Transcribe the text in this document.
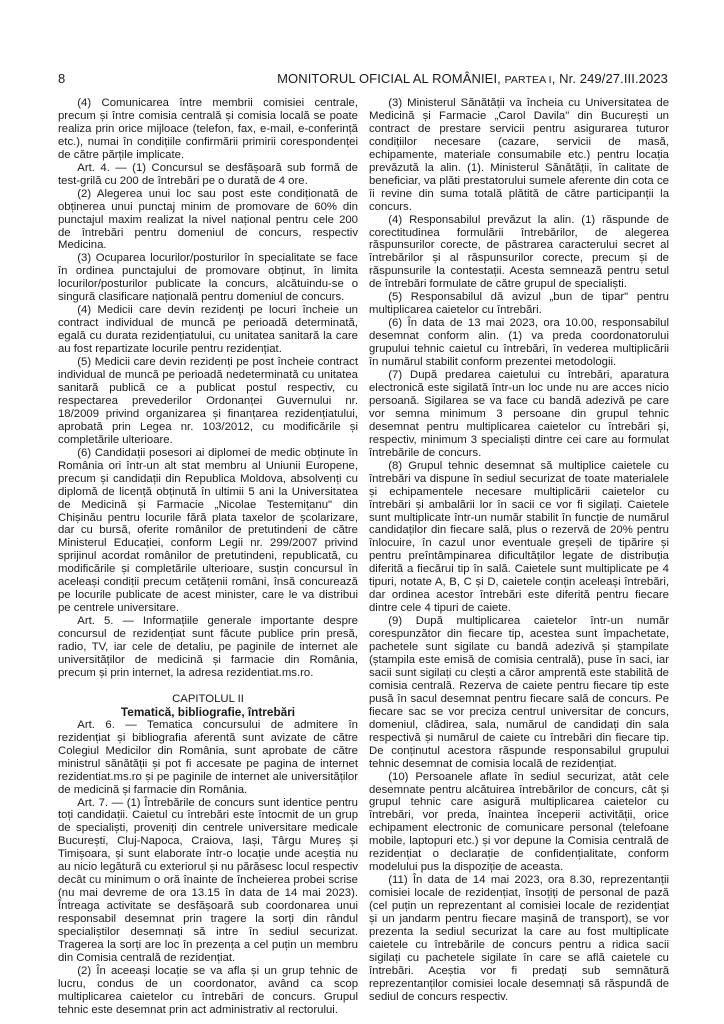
8	MONITORUL OFICIAL AL ROMÂNIEI, PARTEA I, Nr. 249/27.III.2023

(4) Comunicarea între membrii comisiei centrale, precum și între comisia centrală și comisia locală se poate realiza prin orice mijloace (telefon, fax, e-mail, e-conferință etc.), numai în condițiile confirmării primirii corespondenței de către părțile implicate.

Art. 4. — (1) Concursul se desfășoară sub formă de test-grilă cu 200 de întrebări pe o durată de 4 ore.

(2) Alegerea unui loc sau post este condiționată de obținerea unui punctaj minim de promovare de 60% din punctajul maxim realizat la nivel național pentru cele 200 de întrebări pentru domeniul de concurs, respectiv Medicina.

(3) Ocuparea locurilor/posturilor în specialitate se face în ordinea punctajului de promovare obținut, în limita locurilor/posturilor publicate la concurs, alcătuindu-se o singură clasificare națională pentru domeniul de concurs.

(4) Medicii care devin rezidenți pe locuri încheie un contract individual de muncă pe perioadă determinată, egală cu durata rezidențiatului, cu unitatea sanitară la care au fost repartizate locurile pentru rezidențiat.

(5) Medicii care devin rezidenți pe post încheie contract individual de muncă pe perioadă nedeterminată cu unitatea sanitară publică ce a publicat postul respectiv, cu respectarea prevederilor Ordonanței Guvernului nr. 18/2009 privind organizarea și finanțarea rezidențiatului, aprobată prin Legea nr. 103/2012, cu modificările și completările ulterioare.

(6) Candidații posesori ai diplomei de medic obținute în România ori într-un alt stat membru al Uniunii Europene, precum și candidații din Republica Moldova, absolvenți cu diplomă de licență obținută în ultimii 5 ani la Universitatea de Medicină și Farmacie „Nicolae Testemițanu" din Chișinău pentru locurile fără plata taxelor de școlarizare, dar cu bursă, oferite românilor de pretutindeni de către Ministerul Educației, conform Legii nr. 299/2007 privind sprijinul acordat românilor de pretutindeni, republicată, cu modificările și completările ulterioare, susțin concursul în aceleași condiții precum cetățenii români, însă concurează pe locurile publicate de acest minister, care le va distribui pe centrele universitare.

Art. 5. — Informațiile generale importante despre concursul de rezidențiat sunt făcute publice prin presă, radio, TV, iar cele de detaliu, pe paginile de internet ale universităților de medicină și farmacie din România, precum și prin internet, la adresa rezidentiat.ms.ro.

CAPITOLUL II
Tematică, bibliografie, întrebări

Art. 6. — Tematica concursului de admitere în rezidențiat și bibliografia aferentă sunt avizate de către Colegiul Medicilor din România, sunt aprobate de către ministrul sănătății și pot fi accesate pe pagina de internet rezidentiat.ms.ro și pe paginile de internet ale universităților de medicină și farmacie din România.

Art. 7. — (1) Întrebările de concurs sunt identice pentru toți candidații. Caietul cu întrebări este întocmit de un grup de specialiști, proveniți din centrele universitare medicale București, Cluj-Napoca, Craiova, Iași, Târgu Mureș și Timișoara, și sunt elaborate într-o locație unde aceștia nu au nicio legătură cu exteriorul și nu părăsesc locul respectiv decât cu minimum o oră înainte de încheierea probei scrise (nu mai devreme de ora 13.15 în data de 14 mai 2023). Întreaga activitate se desfășoară sub coordonarea unui responsabil desemnat prin tragere la sorți din rândul specialiștilor desemnați să intre în sediul securizat. Tragerea la sorți are loc în prezența a cel puțin un membru din Comisia centrală de rezidențiat.

(2) În aceeași locație se va afla și un grup tehnic de lucru, condus de un coordonator, având ca scop multiplicarea caietelor cu întrebări de concurs. Grupul tehnic este desemnat prin act administrativ al rectorului.

(3) Ministerul Sănătății va încheia cu Universitatea de Medicină și Farmacie „Carol Davila" din București un contract de prestare servicii pentru asigurarea tuturor condițiilor necesare (cazare, servicii de masă, echipamente, materiale consumabile etc.) pentru locația prevăzută la alin. (1). Ministerul Sănătății, în calitate de beneficiar, va plăti prestatorului sumele aferente din cota ce îi revine din suma totală plătită de către participanții la concurs.

(4) Responsabilul prevăzut la alin. (1) răspunde de corectitudinea formulării întrebărilor, de alegerea răspunsurilor corecte, de păstrarea caracterului secret al întrebărilor și al răspunsurilor corecte, precum și de răspunsurile la contestații. Acesta semnează pentru setul de întrebări formulate de către grupul de specialiști.

(5) Responsabilul dă avizul „bun de tipar" pentru multiplicarea caietelor cu întrebări.

(6) În data de 13 mai 2023, ora 10.00, responsabilul desemnat conform alin. (1) va preda coordonatorului grupului tehnic caietul cu întrebări, în vederea multiplicării în numărul stabilit conform prezentei metodologii.

(7) După predarea caietului cu întrebări, aparatura electronică este sigilată într-un loc unde nu are acces nicio persoană. Sigilarea se va face cu bandă adezivă pe care vor semna minimum 3 persoane din grupul tehnic desemnat pentru multiplicarea caietelor cu întrebări și, respectiv, minimum 3 specialiști dintre cei care au formulat întrebările de concurs.

(8) Grupul tehnic desemnat să multiplice caietele cu întrebări va dispune în sediul securizat de toate materialele și echipamentele necesare multiplicării caietelor cu întrebări și ambalării lor în sacii ce vor fi sigilați. Caietele sunt multiplicate într-un număr stabilit în funcție de numărul candidaților din fiecare sală, plus o rezervă de 20% pentru înlocuire, în cazul unor eventuale greșeli de tipărire și pentru preîntâmpinarea dificultăților legate de distribuția diferită a fiecărui tip în sală. Caietele sunt multiplicate pe 4 tipuri, notate A, B, C și D, caietele conțin aceleași întrebări, dar ordinea acestor întrebări este diferită pentru fiecare dintre cele 4 tipuri de caiete.

(9) După multiplicarea caietelor într-un număr corespunzător din fiecare tip, acestea sunt împachetate, pachetele sunt sigilate cu bandă adezivă și ștampilate (ștampila este emisă de comisia centrală), puse în saci, iar sacii sunt sigilați cu clești a căror amprentă este stabilită de comisia centrală. Rezerva de caiete pentru fiecare tip este pusă în sacul desemnat pentru fiecare sală de concurs. Pe fiecare sac se vor preciza centrul universitar de concurs, domeniul, clădirea, sala, numărul de candidați din sala respectivă și numărul de caiete cu întrebări din fiecare tip. De conținutul acestora răspunde responsabilul grupului tehnic desemnat de comisia locală de rezidențiat.

(10) Persoanele aflate în sediul securizat, atât cele desemnate pentru alcătuirea întrebărilor de concurs, cât și grupul tehnic care asigură multiplicarea caietelor cu întrebări, vor preda, înaintea începerii activității, orice echipament electronic de comunicare personal (telefoane mobile, laptopuri etc.) și vor depune la Comisia centrală de rezidențiat o declarație de confidențialitate, conform modelului pus la dispoziție de aceasta.

(11) În data de 14 mai 2023, ora 8.30, reprezentanții comisiei locale de rezidențiat, însoțiți de personal de pază (cel puțin un reprezentant al comisiei locale de rezidențiat și un jandarm pentru fiecare mașină de transport), se vor prezenta la sediul securizat la care au fost multiplicate caietele cu întrebările de concurs pentru a ridica sacii sigilați cu pachetele sigilate în care se află caietele cu întrebări. Aceștia vor fi predați sub semnătură reprezentanților comisiei locale desemnați să răspundă de sediul de concurs respectiv.
